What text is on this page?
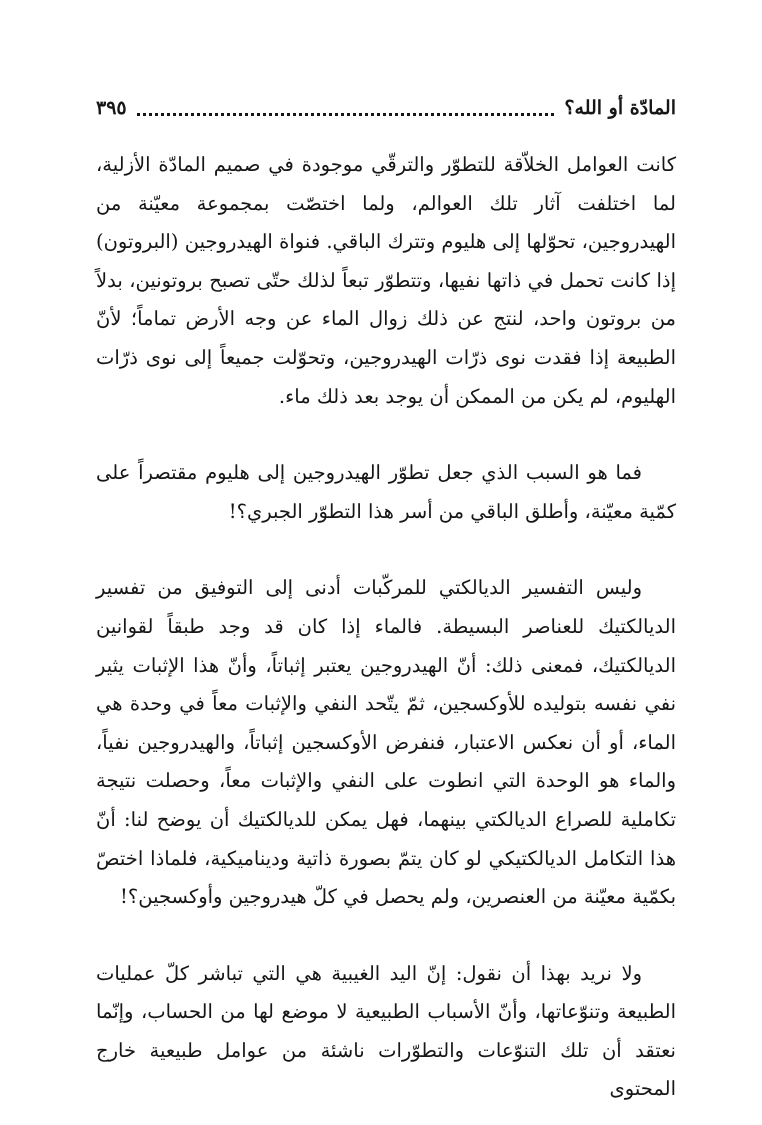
المادّة أو الله؟
٣٩٥

كانت العوامل الخلاّقة للتطوّر والترقّي موجودة في صميم المادّة الأزلية، لما اختلفت آثار تلك العوالم، ولما اختصّت بمجموعة معيّنة من الهيدروجين، تحوّلها إلى هليوم وتترك الباقي. فنواة الهيدروجين (البروتون) إذا كانت تحمل في ذاتها نفيها، وتتطوّر تبعاً لذلك حتّى تصبح بروتونين، بدلاً من بروتون واحد، لنتج عن ذلك زوال الماء عن وجه الأرض تماماً؛ لأنّ الطبيعة إذا فقدت نوى ذرّات الهيدروجين، وتحوّلت جميعاً إلى نوى ذرّات الهليوم، لم يكن من الممكن أن يوجد بعد ذلك ماء.

فما هو السبب الذي جعل تطوّر الهيدروجين إلى هليوم مقتصراً على كمّية معيّنة، وأطلق الباقي من أسر هذا التطوّر الجبري؟!

وليس التفسير الديالكتي للمركّبات أدنى إلى التوفيق من تفسير الديالكتيك للعناصر البسيطة. فالماء إذا كان قد وجد طبقاً لقوانين الديالكتيك، فمعنى ذلك: أنّ الهيدروجين يعتبر إثباتاً، وأنّ هذا الإثبات يثير نفي نفسه بتوليده للأوكسجين، ثمّ يتّحد النفي والإثبات معاً في وحدة هي الماء، أو أن نعكس الاعتبار، فنفرض الأوكسجين إثباتاً، والهيدروجين نفياً، والماء هو الوحدة التي انطوت على النفي والإثبات معاً، وحصلت نتيجة تكاملية للصراع الديالكتي بينهما، فهل يمكن للديالكتيك أن يوضح لنا: أنّ هذا التكامل الديالكتيكي لو كان يتمّ بصورة ذاتية وديناميكية، فلماذا اختصّ بكمّية معيّنة من العنصرين، ولم يحصل في كلّ هيدروجين وأوكسجين؟!

ولا نريد بهذا أن نقول: إنّ اليد الغيبية هي التي تباشر كلّ عمليات الطبيعة وتنوّعاتها، وأنّ الأسباب الطبيعية لا موضع لها من الحساب، وإنّما نعتقد أن تلك التنوّعات والتطوّرات ناشئة من عوامل طبيعية خارج المحتوى
